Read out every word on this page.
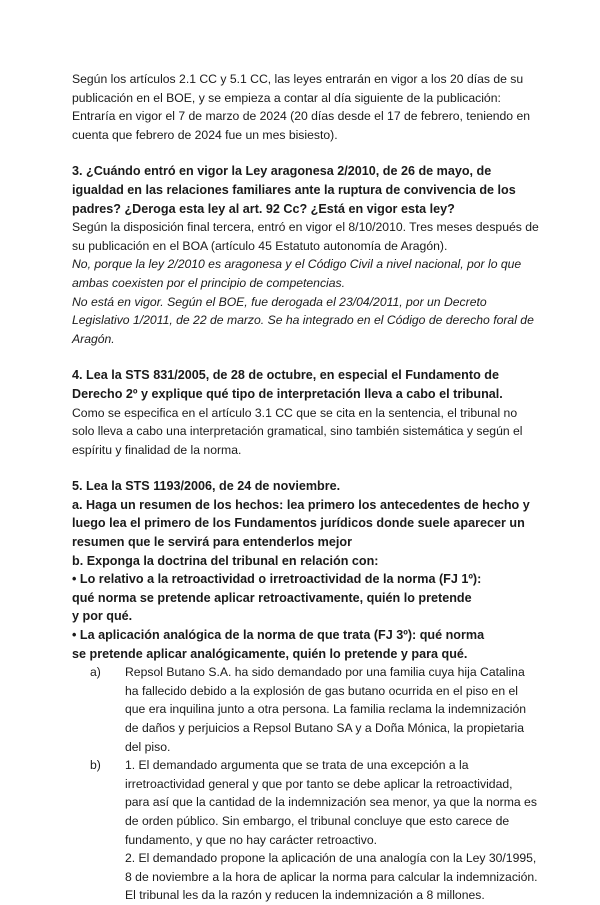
Según los artículos 2.1 CC y 5.1 CC, las leyes entrarán en vigor a los 20 días de su publicación en el BOE, y se empieza a contar al día siguiente de la publicación: Entraría en vigor el 7 de marzo de 2024 (20 días desde el 17 de febrero, teniendo en cuenta que febrero de 2024 fue un mes bisiesto).

3. ¿Cuándo entró en vigor la Ley aragonesa 2/2010, de 26 de mayo, de igualdad en las relaciones familiares ante la ruptura de convivencia de los padres? ¿Deroga esta ley al art. 92 Cc? ¿Está en vigor esta ley?

Según la disposición final tercera, entró en vigor el 8/10/2010. Tres meses después de su publicación en el BOA (artículo 45 Estatuto autonomía de Aragón).

No, porque la ley 2/2010 es aragonesa y el Código Civil a nivel nacional, por lo que ambas coexisten por el principio de competencias.

No está en vigor. Según el BOE, fue derogada el 23/04/2011, por un Decreto Legislativo 1/2011, de 22 de marzo. Se ha integrado en el Código de derecho foral de Aragón.

4. Lea la STS 831/2005, de 28 de octubre, en especial el Fundamento de Derecho 2º y explique qué tipo de interpretación lleva a cabo el tribunal.

Como se especifica en el artículo 3.1 CC que se cita en la sentencia, el tribunal no solo lleva a cabo una interpretación gramatical, sino también sistemática y según el espíritu y finalidad de la norma.

5. Lea la STS 1193/2006, de 24 de noviembre.

a. Haga un resumen de los hechos: lea primero los antecedentes de hecho y luego lea el primero de los Fundamentos jurídicos donde suele aparecer un resumen que le servirá para entenderlos mejor

b. Exponga la doctrina del tribunal en relación con:

• Lo relativo a la retroactividad o irretroactividad de la norma (FJ 1º):
qué norma se pretende aplicar retroactivamente, quién lo pretende
y por qué.

• La aplicación analógica de la norma de que trata (FJ 3º): qué norma
se pretende aplicar analógicamente, quién lo pretende y para qué.

a) Repsol Butano S.A. ha sido demandado por una familia cuya hija Catalina ha fallecido debido a la explosión de gas butano ocurrida en el piso en el que era inquilina junto a otra persona. La familia reclama la indemnización de daños y perjuicios a Repsol Butano SA y a Doña Mónica, la propietaria del piso.
b) 1. El demandado argumenta que se trata de una excepción a la irretroactividad general y que por tanto se debe aplicar la retroactividad, para así que la cantidad de la indemnización sea menor, ya que la norma es de orden público. Sin embargo, el tribunal concluye que esto carece de fundamento, y que no hay carácter retroactivo.

2. El demandado propone la aplicación de una analogía con la Ley 30/1995, 8 de noviembre a la hora de aplicar la norma para calcular la indemnización. El tribunal les da la razón y reducen la indemnización a 8 millones.
